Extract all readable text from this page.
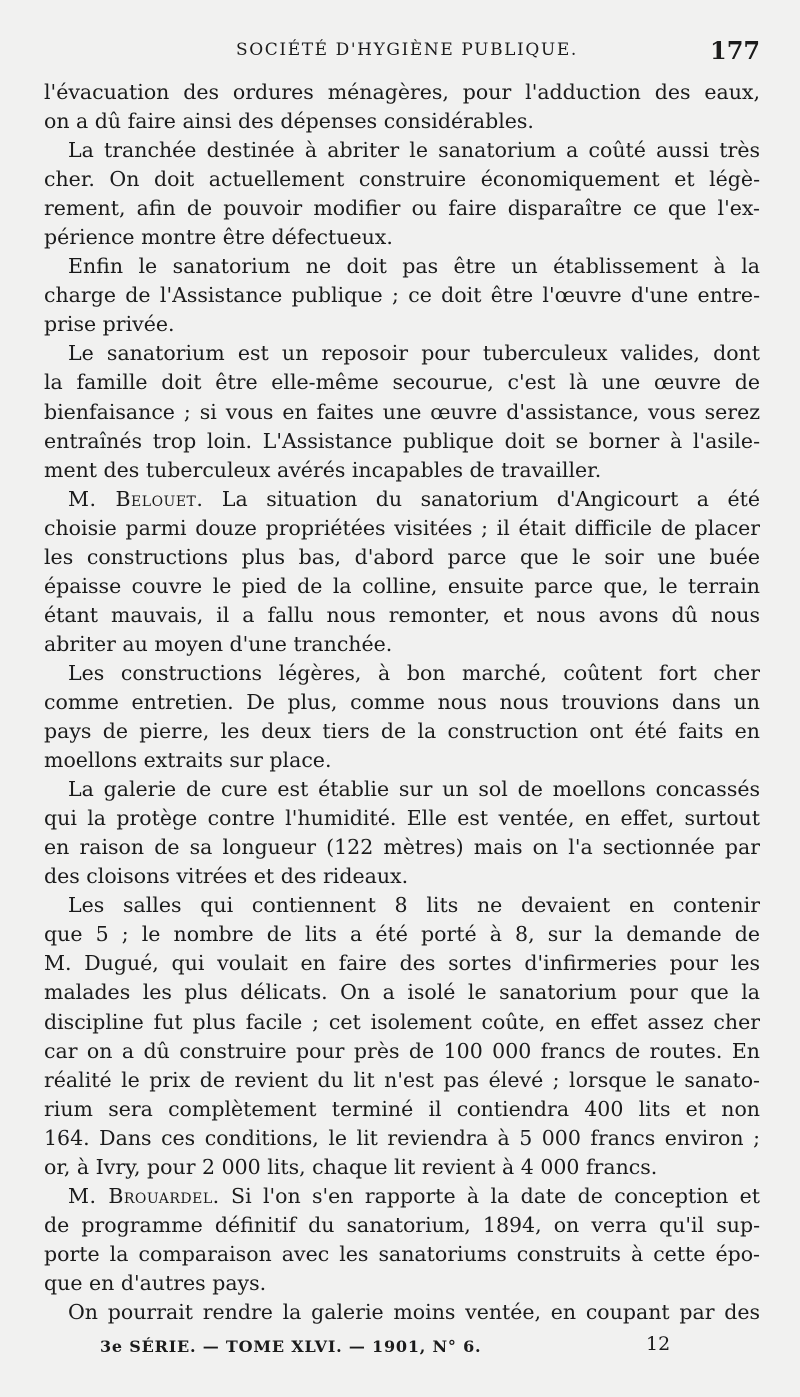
SOCIÉTÉ D'HYGIÈNE PUBLIQUE.	177
l'évacuation des ordures ménagères, pour l'adduction des eaux,
on a dû faire ainsi des dépenses considérables.
La tranchée destinée à abriter le sanatorium a coûté aussi très
cher. On doit actuellement construire économiquement et légè-
rement, afin de pouvoir modifier ou faire disparaître ce que l'ex-
périence montre être défectueux.
Enfin le sanatorium ne doit pas être un établissement à la
charge de l'Assistance publique ; ce doit être l'œuvre d'une entre-
prise privée.
Le sanatorium est un reposoir pour tuberculeux valides, dont
la famille doit être elle-même secourue, c'est là une œuvre de
bienfaisance ; si vous en faites une œuvre d'assistance, vous serez
entraînés trop loin. L'Assistance publique doit se borner à l'asile-
ment des tuberculeux avérés incapables de travailler.
M. Belouet. La situation du sanatorium d'Angicourt a été
choisie parmi douze propriétées visitées ; il était difficile de placer
les constructions plus bas, d'abord parce que le soir une buée
épaisse couvre le pied de la colline, ensuite parce que, le terrain
étant mauvais, il a fallu nous remonter, et nous avons dû nous
abriter au moyen d'une tranchée.
Les constructions légères, à bon marché, coûtent fort cher
comme entretien. De plus, comme nous nous trouvions dans un
pays de pierre, les deux tiers de la construction ont été faits en
moellons extraits sur place.
La galerie de cure est établie sur un sol de moellons concassés
qui la protège contre l'humidité. Elle est ventée, en effet, surtout
en raison de sa longueur (122 mètres) mais on l'a sectionnée par
des cloisons vitrées et des rideaux.
Les salles qui contiennent 8 lits ne devaient en contenir
que 5 ; le nombre de lits a été porté à 8, sur la demande de
M. Dugué, qui voulait en faire des sortes d'infirmeries pour les
malades les plus délicats. On a isolé le sanatorium pour que la
discipline fut plus facile ; cet isolement coûte, en effet assez cher
car on a dû construire pour près de 100 000 francs de routes. En
réalité le prix de revient du lit n'est pas élevé ; lorsque le sanato-
rium sera complètement terminé il contiendra 400 lits et non
164. Dans ces conditions, le lit reviendra à 5 000 francs environ ;
or, à Ivry, pour 2 000 lits, chaque lit revient à 4 000 francs.
M. Brouardel. Si l'on s'en rapporte à la date de conception et
de programme définitif du sanatorium, 1894, on verra qu'il sup-
porte la comparaison avec les sanatoriums construits à cette épo-
que en d'autres pays.
On pourrait rendre la galerie moins ventée, en coupant par des
3e SÉRIE. — TOME XLVI. — 1901, N° 6.	12
